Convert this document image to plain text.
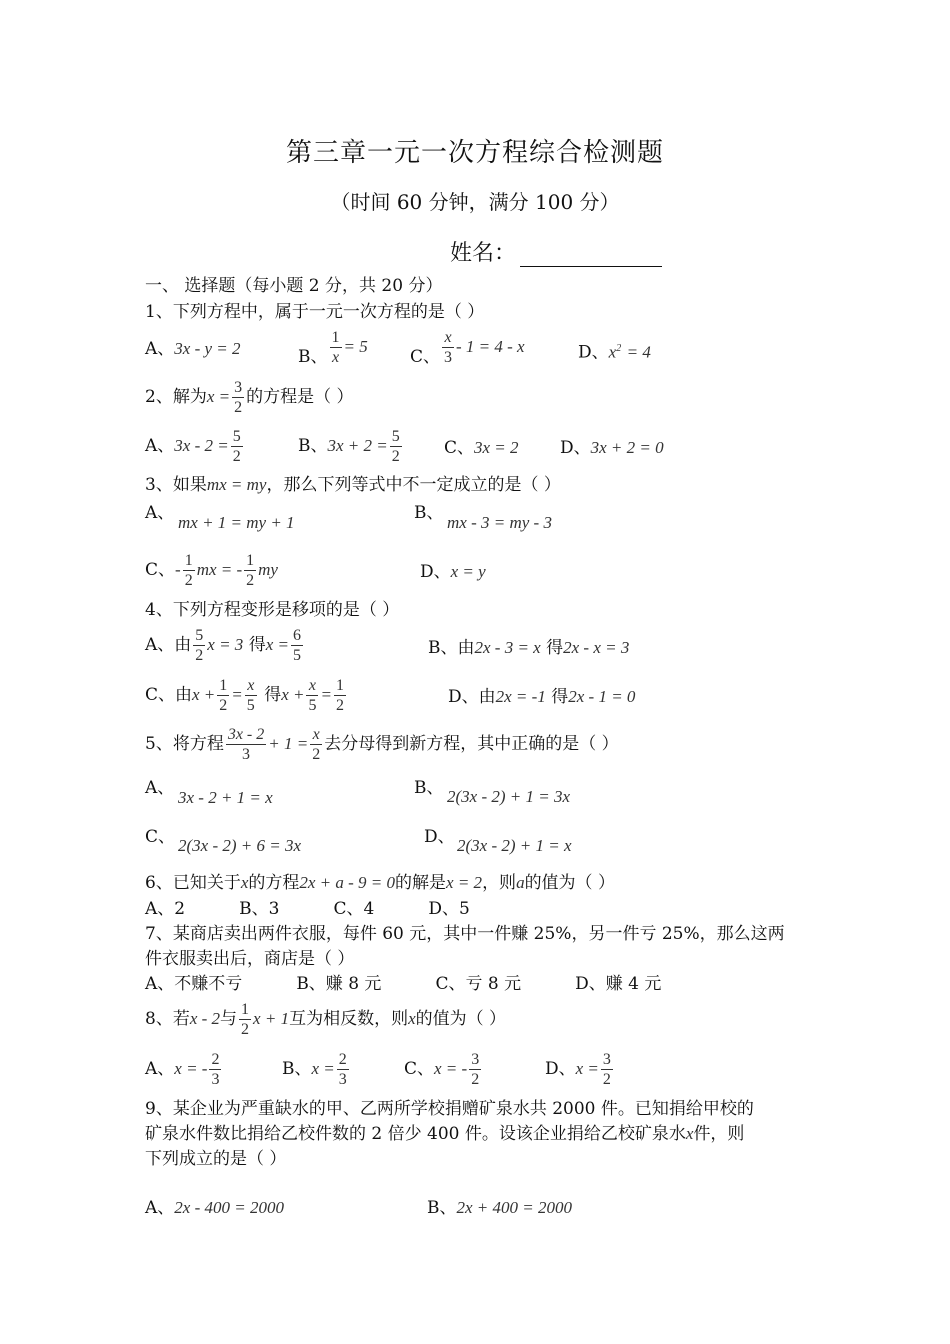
第三章一元一次方程综合检测题
（时间 60 分钟，满分 100 分）
姓名：
一、 选择题（每小题 2 分，共 20 分）
1、下列方程中，属于一元一次方程的是（ ）
A、3x - y = 2	B、 $\frac{1}{x} = 5$
C、 $\frac{x}{3} - 1 = 4 - x$	D、$x^2 = 4$
2、解为$x = \frac{3}{2}$ 的方程是（ ）
A、$3x - 2 = \frac{5}{2}$	B、$3x + 2 = \frac{5}{2}$ C、3x = 2 D、3x + 2 = 0
3、如果mx = my，那么下列等式中不一定成立的是（ ）
A、 mx + 1 = my + 1	B、 mx - 3 = my - 3
C、- $\frac{1}{2}$ mx = - $\frac{1}{2}$ my	D、x = y
4、下列方程变形是移项的是（ ）
A、由 $\frac{5}{2}$ x = 3 得$x = \frac{6}{5}$	B、由2x - 3 = x 得2x - x = 3
C、由$x + \frac{1}{2} = \frac{x}{5}$ 得$x + \frac{x}{5} = \frac{1}{2}$	D、由2x = -1 得2x - 1 = 0
5、将方程 $\frac{3x - 2}{3} + 1 = \frac{x}{2}$ 去分母得到新方程，其中正确的是（ ）
A、 3x - 2 + 1 = x	B、 2(3x - 2) + 1 = 3x
C、 2(3x - 2) + 6 = 3x	D、 2(3x - 2) + 1 = x
6、已知关于x的方程2x + a - 9 = 0的解是x = 2，则a的值为（ ）
A、2          B、3          C、4          D、5
7、某商店卖出两件衣服，每件 60 元，其中一件赚 25%，另一件亏 25%，那么这两
件衣服卖出后，商店是（ ）
A、不赚不亏          B、赚 8 元          C、亏 8 元          D、赚 4 元
8、若x - 2与 $\frac{1}{2}$ x + 1互为相反数，则x的值为（ ）
A、x = - $\frac{2}{3}$	B、$x = \frac{2}{3}$	C、x = - $\frac{3}{2}$	D、$x = \frac{3}{2}$
9、某企业为严重缺水的甲、乙两所学校捐赠矿泉水共 2000 件。已知捐给甲校的
矿泉水件数比捐给乙校件数的 2 倍少 400 件。设该企业捐给乙校矿泉水x件，则
下列成立的是（ ）
A、2x - 400 = 2000	B、2x + 400 = 2000
